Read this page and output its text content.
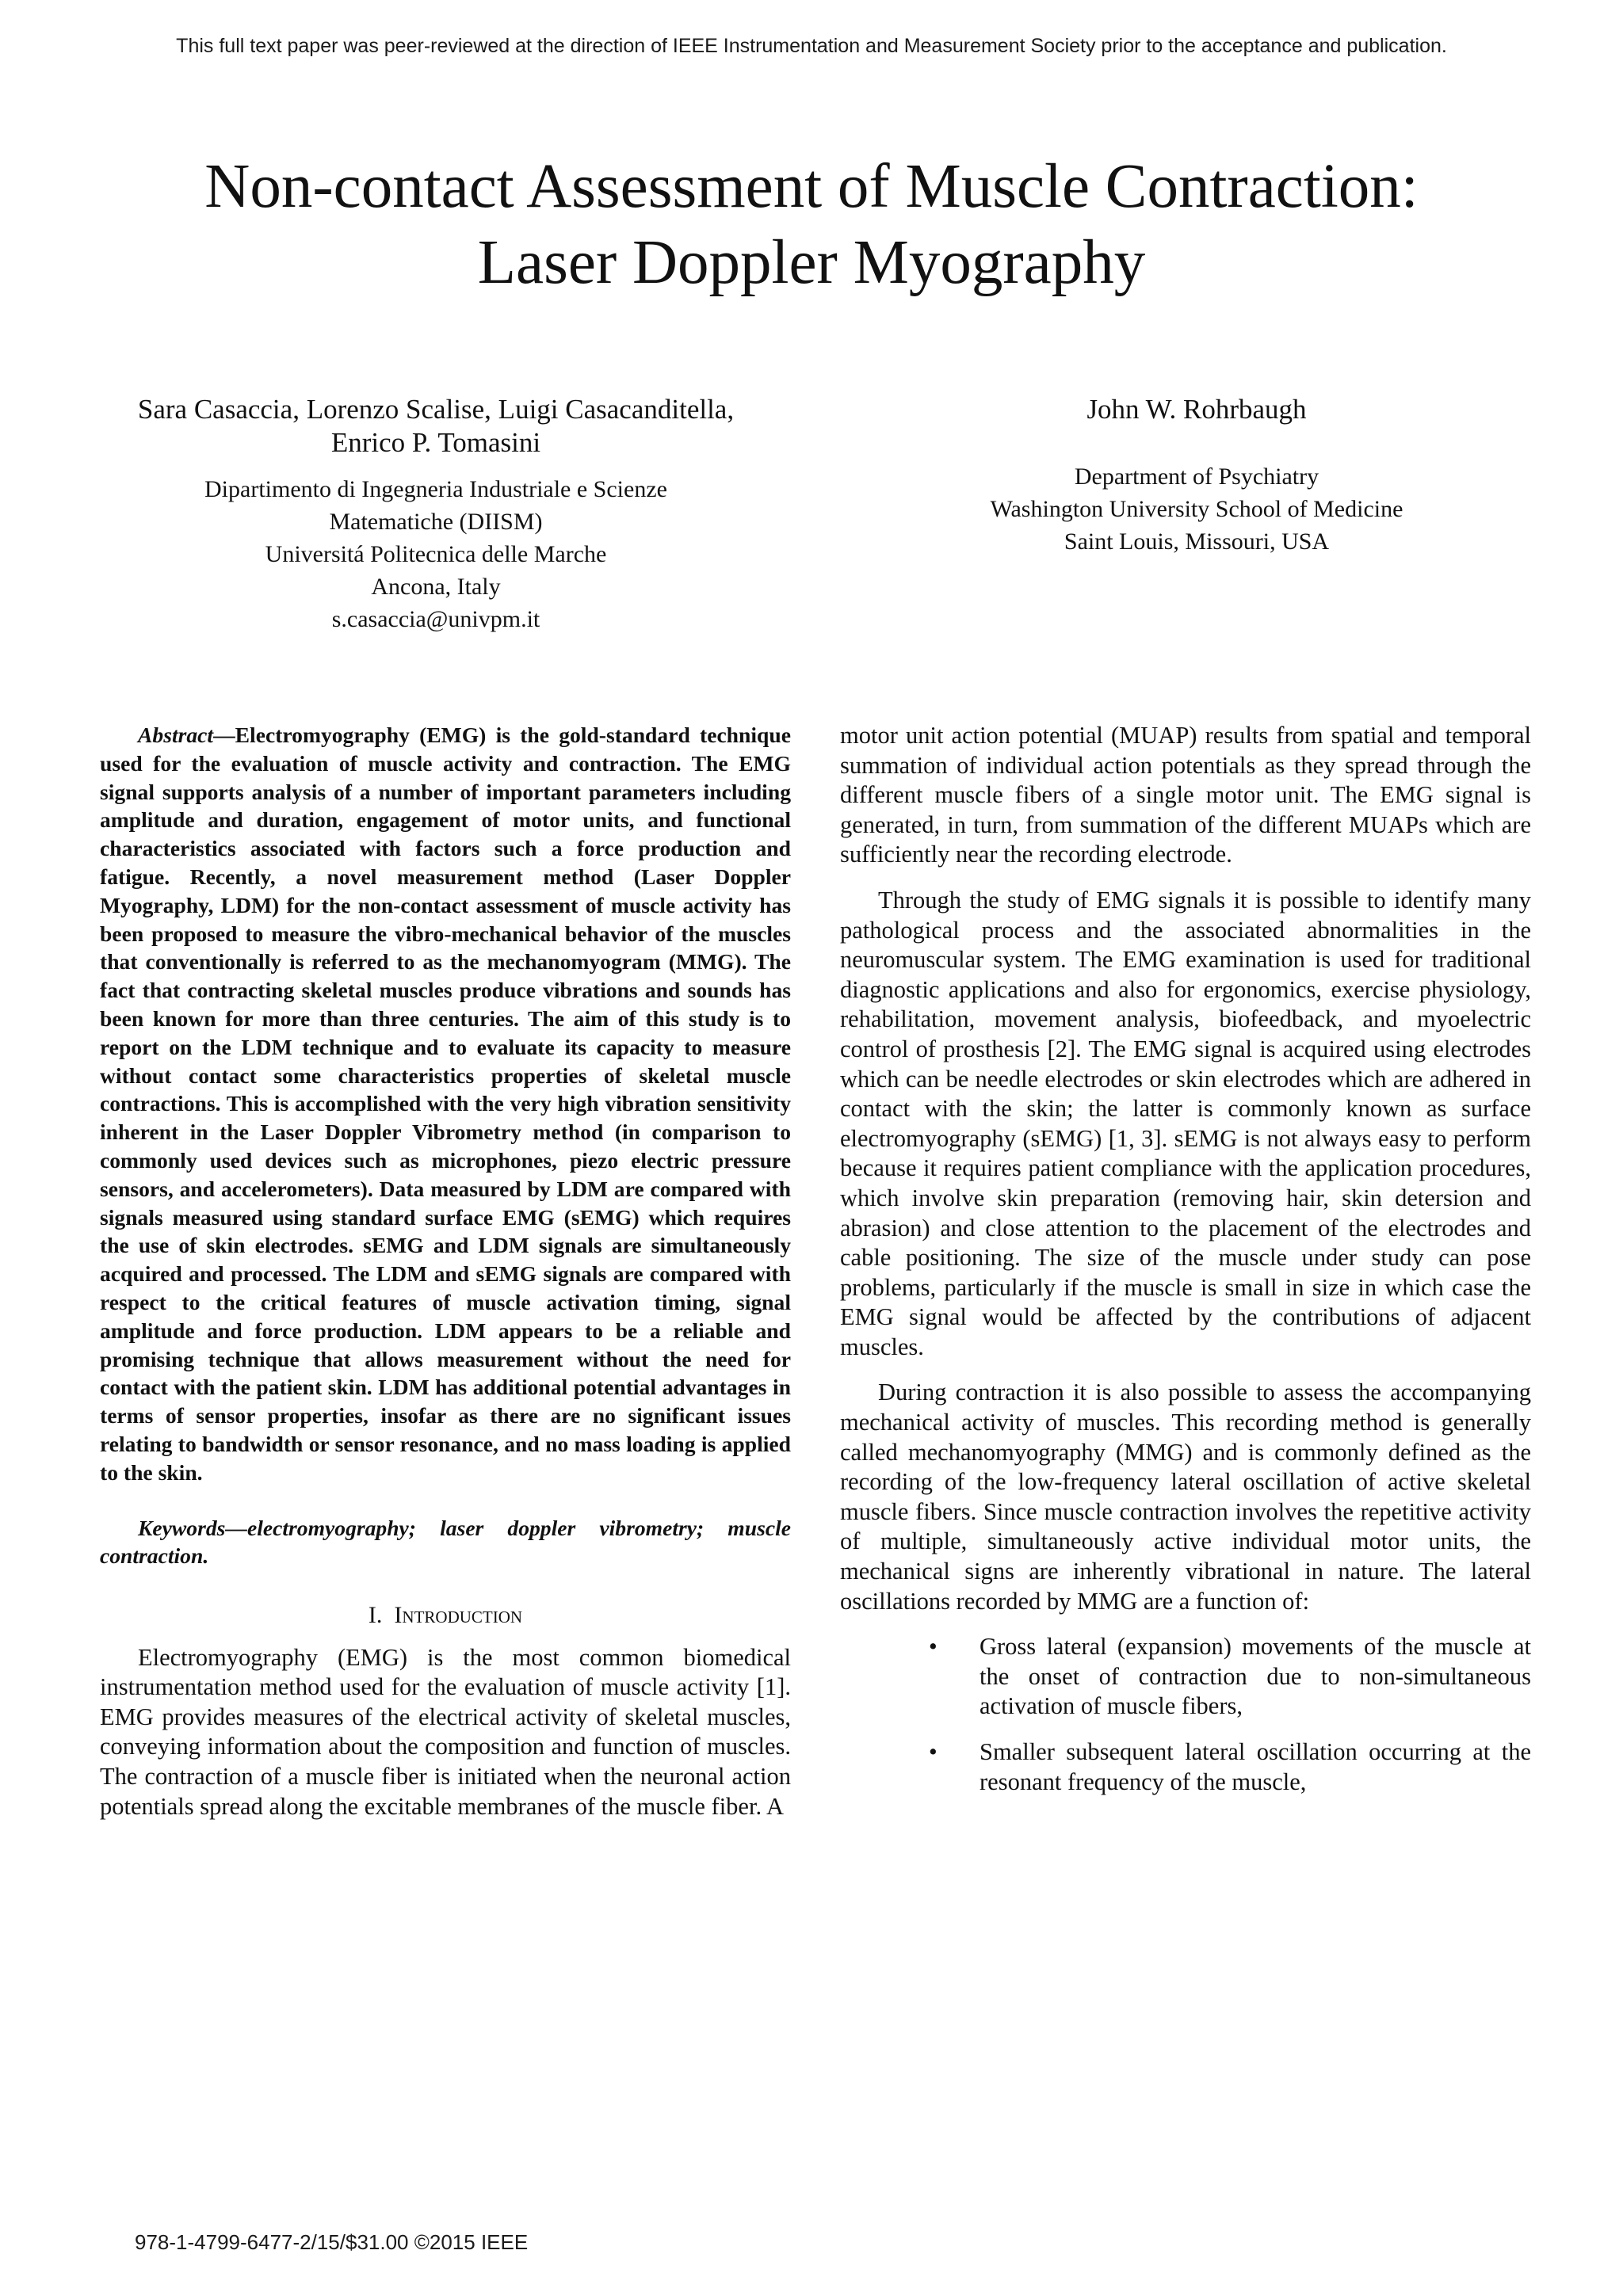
This full text paper was peer-reviewed at the direction of IEEE Instrumentation and Measurement Society prior to the acceptance and publication.
Non-contact Assessment of Muscle Contraction:
Laser Doppler Myography
Sara Casaccia, Lorenzo Scalise, Luigi Casacanditella,
Enrico P. Tomasini
Dipartimento di Ingegneria Industriale e Scienze
Matematiche (DIISM)
Universitá Politecnica delle Marche
Ancona, Italy
s.casaccia@univpm.it
John W. Rohrbaugh
Department of Psychiatry
Washington University School of Medicine
Saint Louis, Missouri, USA

Abstract—Electromyography (EMG) is the gold-standard technique used for the evaluation of muscle activity and contraction. The EMG signal supports analysis of a number of important parameters including amplitude and duration, engagement of motor units, and functional characteristics associated with factors such a force production and fatigue. Recently, a novel measurement method (Laser Doppler Myography, LDM) for the non-contact assessment of muscle activity has been proposed to measure the vibro-mechanical behavior of the muscles that conventionally is referred to as the mechanomyogram (MMG). The fact that contracting skeletal muscles produce vibrations and sounds has been known for more than three centuries. The aim of this study is to report on the LDM technique and to evaluate its capacity to measure without contact some characteristics properties of skeletal muscle contractions. This is accomplished with the very high vibration sensitivity inherent in the Laser Doppler Vibrometry method (in comparison to commonly used devices such as microphones, piezo electric pressure sensors, and accelerometers). Data measured by LDM are compared with signals measured using standard surface EMG (sEMG) which requires the use of skin electrodes. sEMG and LDM signals are simultaneously acquired and processed. The LDM and sEMG signals are compared with respect to the critical features of muscle activation timing, signal amplitude and force production. LDM appears to be a reliable and promising technique that allows measurement without the need for contact with the patient skin. LDM has additional potential advantages in terms of sensor properties, insofar as there are no significant issues relating to bandwidth or sensor resonance, and no mass loading is applied to the skin.

Keywords—electromyography; laser doppler vibrometry; muscle contraction.

I. Introduction

Electromyography (EMG) is the most common biomedical instrumentation method used for the evaluation of muscle activity [1]. EMG provides measures of the electrical activity of skeletal muscles, conveying information about the composition and function of muscles. The contraction of a muscle fiber is initiated when the neuronal action potentials spread along the excitable membranes of the muscle fiber. A

motor unit action potential (MUAP) results from spatial and temporal summation of individual action potentials as they spread through the different muscle fibers of a single motor unit. The EMG signal is generated, in turn, from summation of the different MUAPs which are sufficiently near the recording electrode.

Through the study of EMG signals it is possible to identify many pathological process and the associated abnormalities in the neuromuscular system. The EMG examination is used for traditional diagnostic applications and also for ergonomics, exercise physiology, rehabilitation, movement analysis, biofeedback, and myoelectric control of prosthesis [2]. The EMG signal is acquired using electrodes which can be needle electrodes or skin electrodes which are adhered in contact with the skin; the latter is commonly known as surface electromyography (sEMG) [1, 3]. sEMG is not always easy to perform because it requires patient compliance with the application procedures, which involve skin preparation (removing hair, skin detersion and abrasion) and close attention to the placement of the electrodes and cable positioning. The size of the muscle under study can pose problems, particularly if the muscle is small in size in which case the EMG signal would be affected by the contributions of adjacent muscles.

During contraction it is also possible to assess the accompanying mechanical activity of muscles. This recording method is generally called mechanomyography (MMG) and is commonly defined as the recording of the low-frequency lateral oscillation of active skeletal muscle fibers. Since muscle contraction involves the repetitive activity of multiple, simultaneously active individual motor units, the mechanical signs are inherently vibrational in nature. The lateral oscillations recorded by MMG are a function of:

• Gross lateral (expansion) movements of the muscle at the onset of contraction due to non-simultaneous activation of muscle fibers,
• Smaller subsequent lateral oscillation occurring at the resonant frequency of the muscle,
978-1-4799-6477-2/15/$31.00 ©2015 IEEE
